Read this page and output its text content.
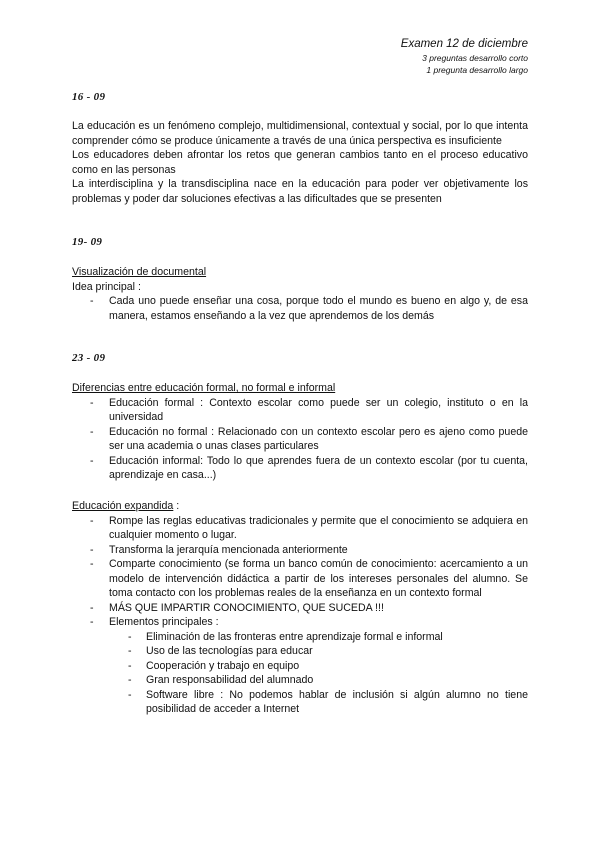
Examen 12 de diciembre
3 preguntas desarrollo corto
1 pregunta desarrollo largo
16 - 09

La educación es un fenómeno complejo, multidimensional, contextual y social, por lo que intenta comprender cómo se produce únicamente a través de una única perspectiva es insuficiente

Los educadores deben afrontar los retos que generan cambios tanto en el proceso educativo como en las personas

La interdisciplina y la transdisciplina nace en la educación para poder ver objetivamente los problemas y poder dar soluciones efectivas a las dificultades que se presenten

19- 09

Visualización de documental

Idea principal :

- Cada uno puede enseñar una cosa, porque todo el mundo es bueno en algo y, de esa manera, estamos enseñando a la vez que aprendemos de los demás
23 - 09

Diferencias entre educación formal, no formal e informal

- Educación formal : Contexto escolar como puede ser un colegio, instituto o en la universidad
- Educación no formal : Relacionado con un contexto escolar pero es ajeno como puede ser una academia o unas clases particulares
- Educación informal: Todo lo que aprendes fuera de un contexto escolar (por tu cuenta, aprendizaje en casa...)

Educación expandida :

- Rompe las reglas educativas tradicionales y permite que el conocimiento se adquiera en cualquier momento o lugar.
- Transforma la jerarquía mencionada anteriormente
- Comparte conocimiento (se forma un banco común de conocimiento: acercamiento a un modelo de intervención didáctica a partir de los intereses personales del alumno. Se toma contacto con los problemas reales de la enseñanza en un contexto formal
- MÁS QUE IMPARTIR CONOCIMIENTO, QUE SUCEDA !!!
- Elementos principales :
- Eliminación de las fronteras entre aprendizaje formal e informal
- Uso de las tecnologías para educar
- Cooperación y trabajo en equipo
- Gran responsabilidad del alumnado
- Software libre : No podemos hablar de inclusión si algún alumno no tiene posibilidad de acceder a Internet
